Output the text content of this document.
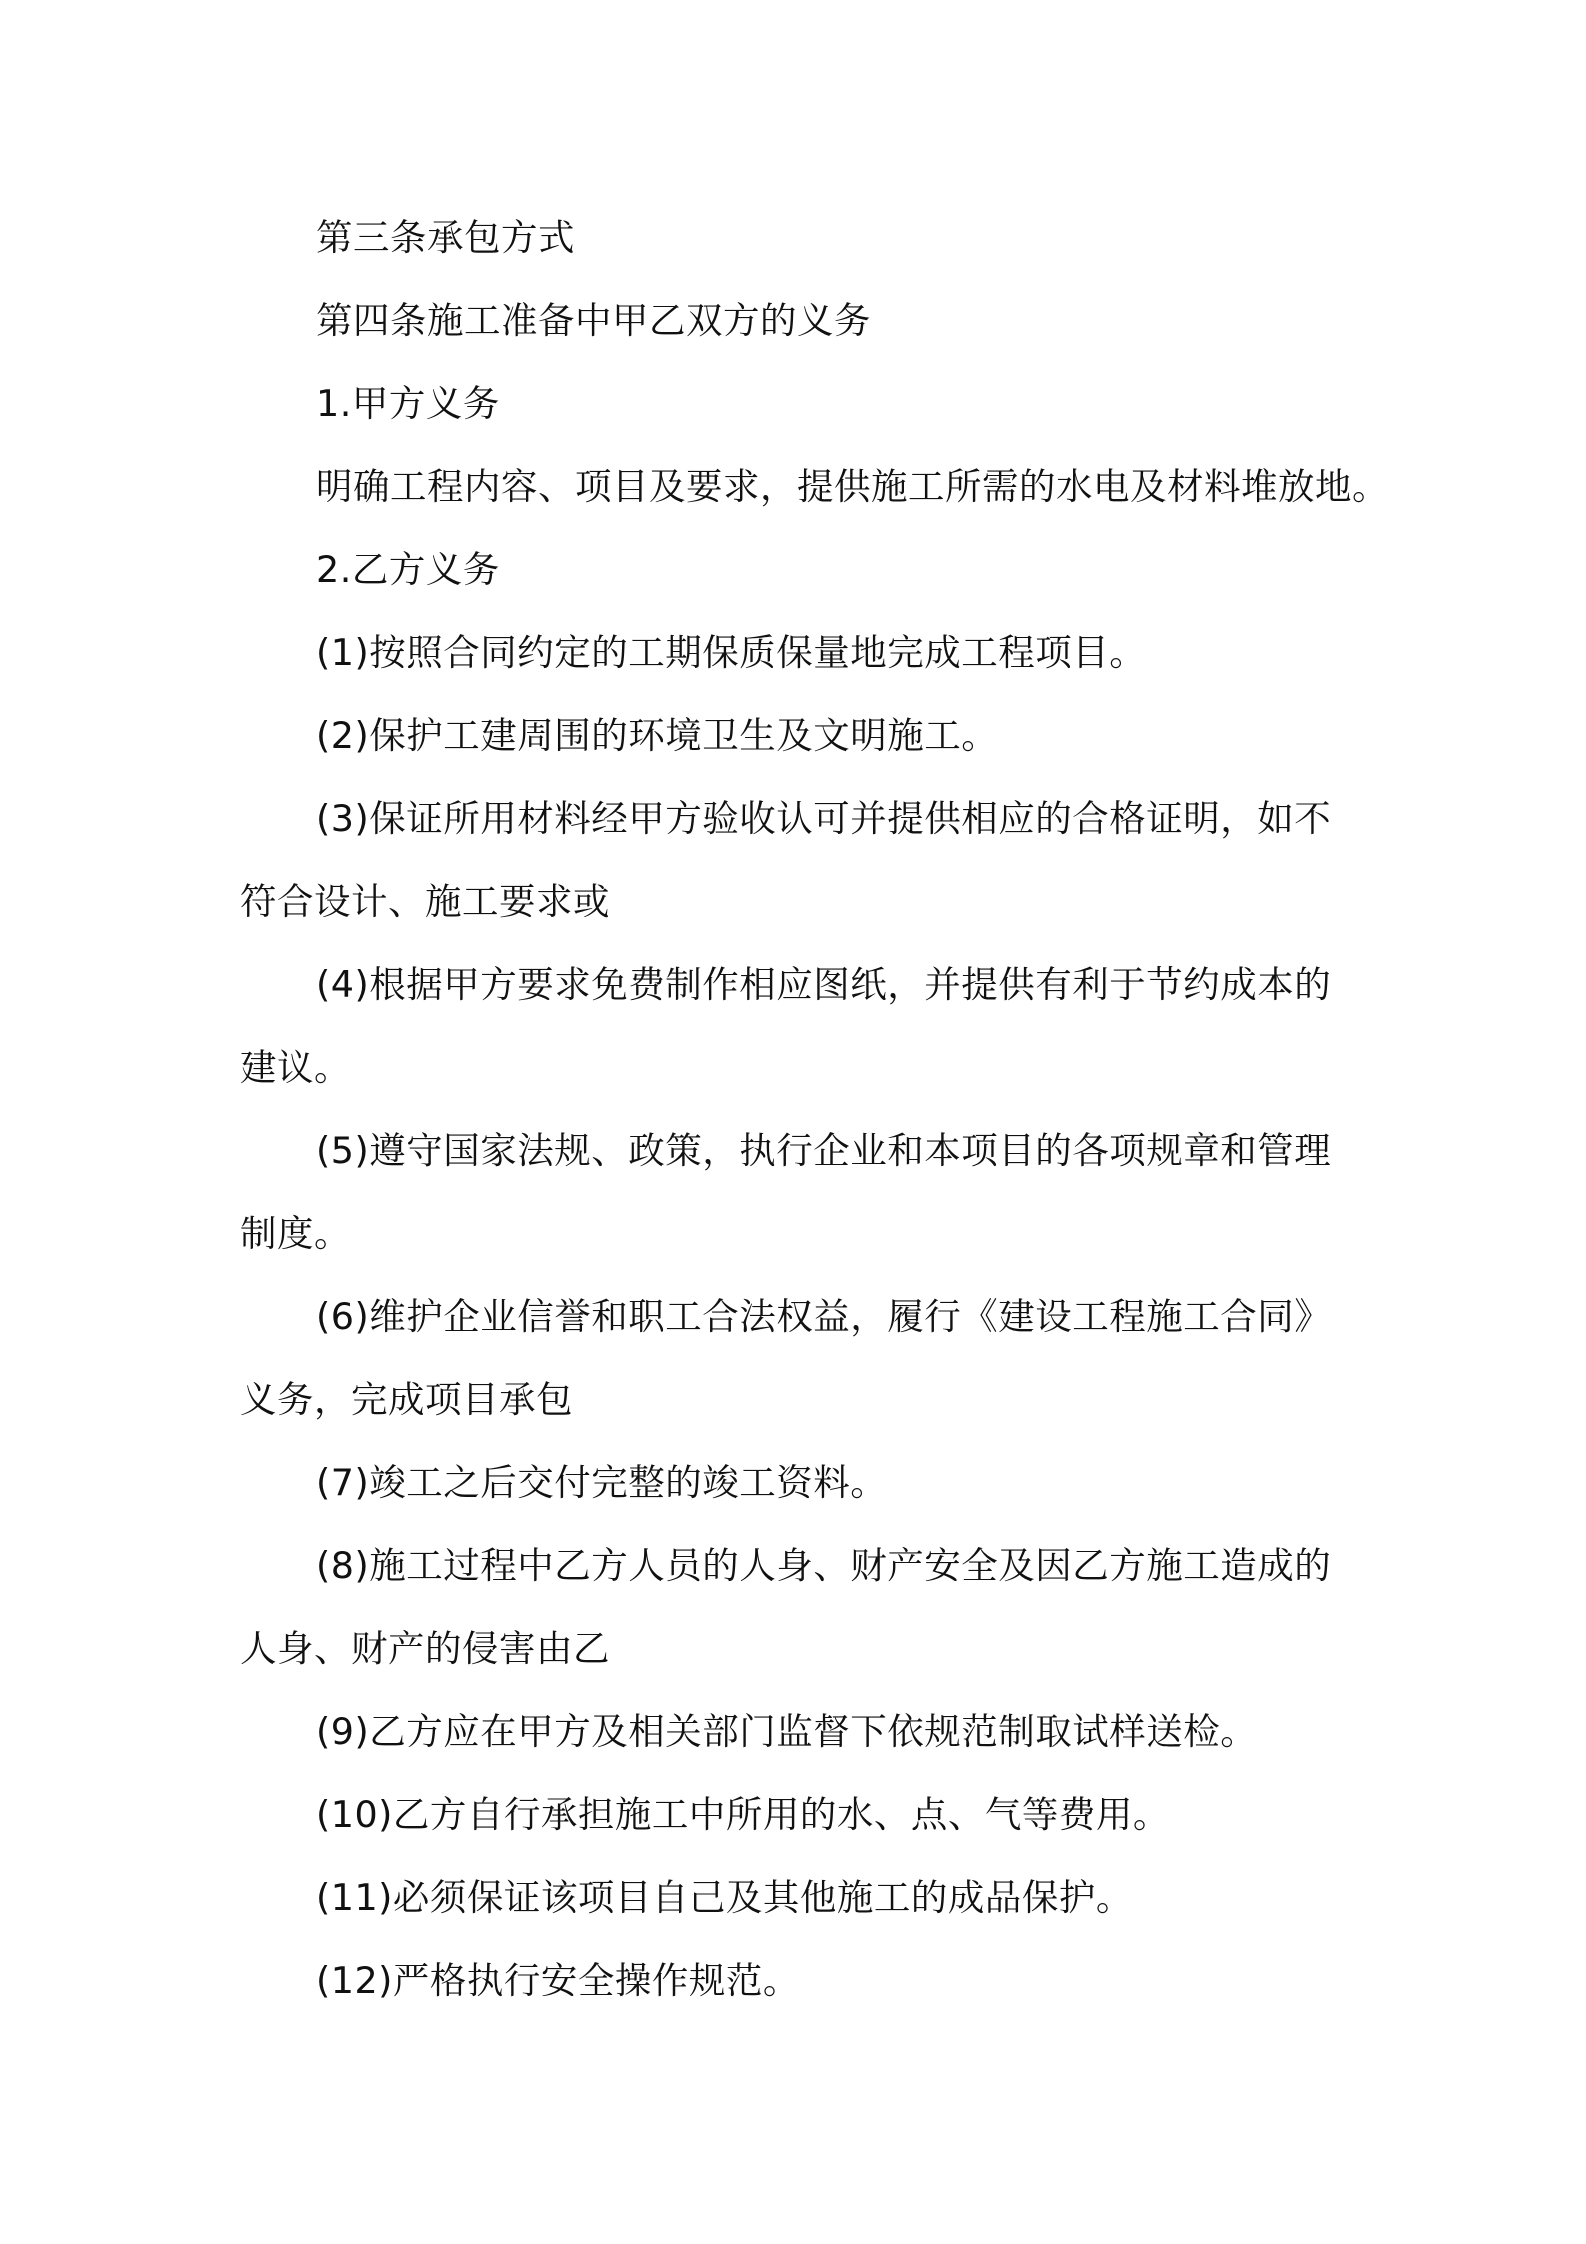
第三条承包方式

第四条施工准备中甲乙双方的义务

1.甲方义务

明确工程内容、项目及要求，提供施工所需的水电及材料堆放地。

2.乙方义务

(1)按照合同约定的工期保质保量地完成工程项目。

(2)保护工建周围的环境卫生及文明施工。

(3)保证所用材料经甲方验收认可并提供相应的合格证明，如不

符合设计、施工要求或

(4)根据甲方要求免费制作相应图纸，并提供有利于节约成本的

建议。

(5)遵守国家法规、政策，执行企业和本项目的各项规章和管理

制度。

(6)维护企业信誉和职工合法权益，履行《建设工程施工合同》

义务，完成项目承包

(7)竣工之后交付完整的竣工资料。

(8)施工过程中乙方人员的人身、财产安全及因乙方施工造成的

人身、财产的侵害由乙

(9)乙方应在甲方及相关部门监督下依规范制取试样送检。

(10)乙方自行承担施工中所用的水、点、气等费用。

(11)必须保证该项目自己及其他施工的成品保护。

(12)严格执行安全操作规范。
